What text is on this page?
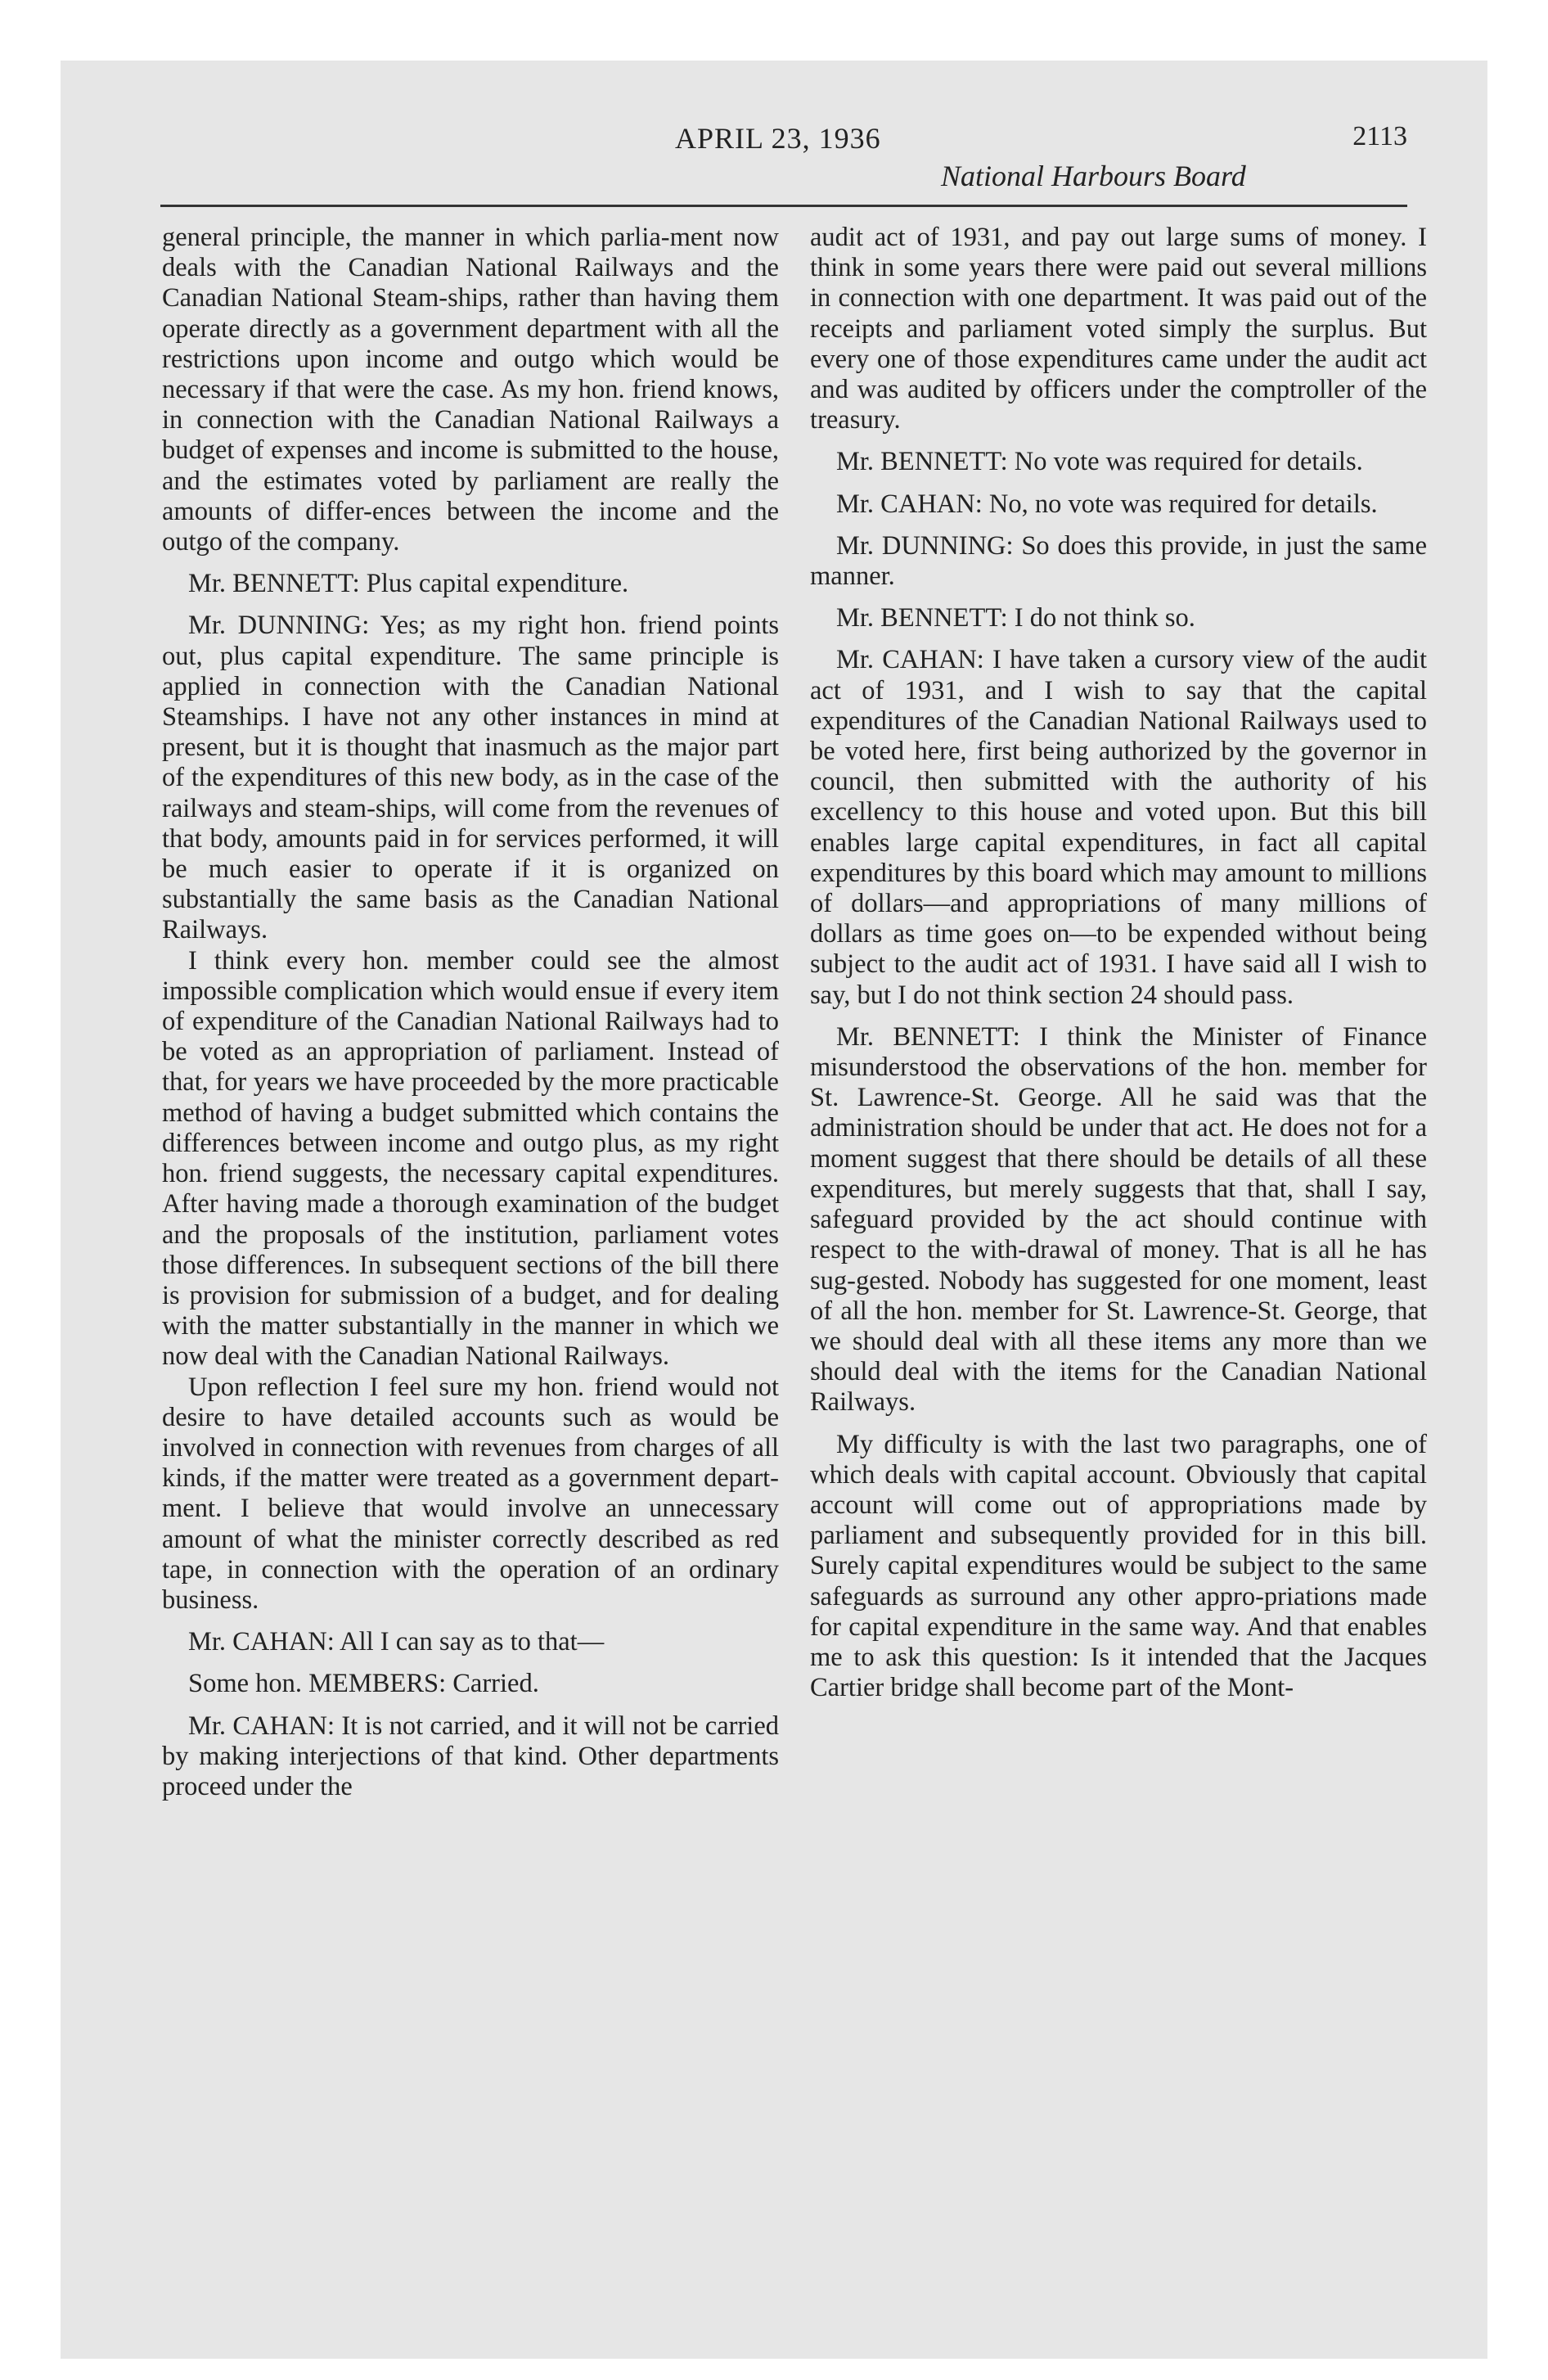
APRIL 23, 1936	2113
National Harbours Board

general principle, the manner in which parlia-ment now deals with the Canadian National Railways and the Canadian National Steam-ships, rather than having them operate directly as a government department with all the restrictions upon income and outgo which would be necessary if that were the case. As my hon. friend knows, in connection with the Canadian National Railways a budget of expenses and income is submitted to the house, and the estimates voted by parliament are really the amounts of differ-ences between the income and the outgo of the company.

Mr. BENNETT: Plus capital expenditure.

Mr. DUNNING: Yes; as my right hon. friend points out, plus capital expenditure. The same principle is applied in connection with the Canadian National Steamships. I have not any other instances in mind at present, but it is thought that inasmuch as the major part of the expenditures of this new body, as in the case of the railways and steam-ships, will come from the revenues of that body, amounts paid in for services performed, it will be much easier to operate if it is organized on substantially the same basis as the Canadian National Railways.

I think every hon. member could see the almost impossible complication which would ensue if every item of expenditure of the Canadian National Railways had to be voted as an appropriation of parliament. Instead of that, for years we have proceeded by the more practicable method of having a budget submitted which contains the differences between income and outgo plus, as my right hon. friend suggests, the necessary capital expenditures. After having made a thorough examination of the budget and the proposals of the institution, parliament votes those differences. In subsequent sections of the bill there is provision for submission of a budget, and for dealing with the matter substantially in the manner in which we now deal with the Canadian National Railways.

Upon reflection I feel sure my hon. friend would not desire to have detailed accounts such as would be involved in connection with revenues from charges of all kinds, if the matter were treated as a government depart-ment. I believe that would involve an unnecessary amount of what the minister correctly described as red tape, in connection with the operation of an ordinary business.

Mr. CAHAN: All I can say as to that—

Some hon. MEMBERS: Carried.

Mr. CAHAN: It is not carried, and it will not be carried by making interjections of that kind. Other departments proceed under the

audit act of 1931, and pay out large sums of money. I think in some years there were paid out several millions in connection with one department. It was paid out of the receipts and parliament voted simply the surplus. But every one of those expenditures came under the audit act and was audited by officers under the comptroller of the treasury.

Mr. BENNETT: No vote was required for details.

Mr. CAHAN: No, no vote was required for details.

Mr. DUNNING: So does this provide, in just the same manner.

Mr. BENNETT: I do not think so.

Mr. CAHAN: I have taken a cursory view of the audit act of 1931, and I wish to say that the capital expenditures of the Canadian National Railways used to be voted here, first being authorized by the governor in council, then submitted with the authority of his excellency to this house and voted upon. But this bill enables large capital expenditures, in fact all capital expenditures by this board which may amount to millions of dollars—and appropriations of many millions of dollars as time goes on—to be expended without being subject to the audit act of 1931. I have said all I wish to say, but I do not think section 24 should pass.

Mr. BENNETT: I think the Minister of Finance misunderstood the observations of the hon. member for St. Lawrence-St. George. All he said was that the administration should be under that act. He does not for a moment suggest that there should be details of all these expenditures, but merely suggests that that, shall I say, safeguard provided by the act should continue with respect to the with-drawal of money. That is all he has sug-gested. Nobody has suggested for one moment, least of all the hon. member for St. Lawrence-St. George, that we should deal with all these items any more than we should deal with the items for the Canadian National Railways.

My difficulty is with the last two paragraphs, one of which deals with capital account. Obviously that capital account will come out of appropriations made by parliament and subsequently provided for in this bill. Surely capital expenditures would be subject to the same safeguards as surround any other appro-priations made for capital expenditure in the same way. And that enables me to ask this question: Is it intended that the Jacques Cartier bridge shall become part of the Mont-
